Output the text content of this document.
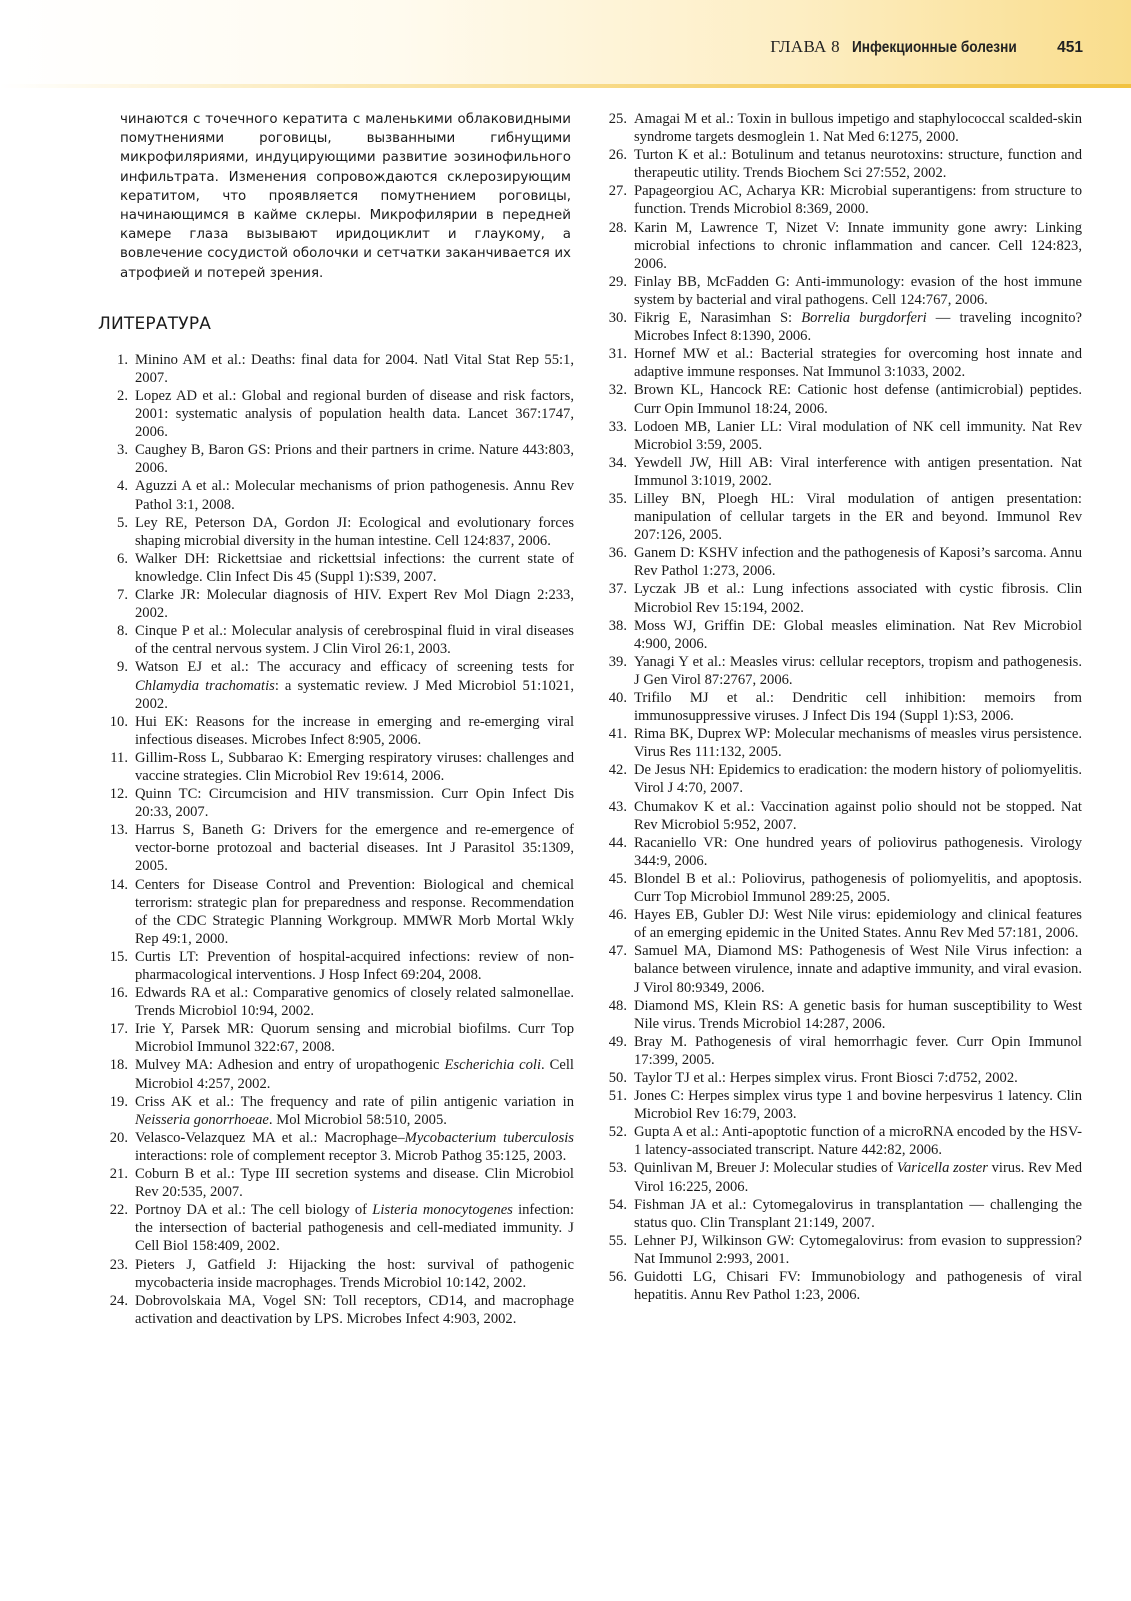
ГЛАВА 8 Инфекционные болезни	451

чинаются с точечного кератита с маленькими облаковидными помутнениями роговицы, вызванными гибнущими микрофиляриями, индуцирующими развитие эозинофильного инфильтрата. Изменения сопровождаются склерозирующим кератитом, что проявляется помутнением роговицы, начинающимся в кайме склеры. Микрофилярии в передней камере глаза вызывают иридоциклит и глаукому, а вовлечение сосудистой оболочки и сетчатки заканчивается их атрофией и потерей зрения.

ЛИТЕРАТУРА
1. Minino AM et al.: Deaths: final data for 2004. Natl Vital Stat Rep 55:1, 2007.
2. Lopez AD et al.: Global and regional burden of disease and risk factors, 2001: systematic analysis of population health data. Lancet 367:1747, 2006.
3. Caughey B, Baron GS: Prions and their partners in crime. Nature 443:803, 2006.
4. Aguzzi A et al.: Molecular mechanisms of prion pathogenesis. Annu Rev Pathol 3:1, 2008.
5. Ley RE, Peterson DA, Gordon JI: Ecological and evolutionary forces shaping microbial diversity in the human intestine. Cell 124:837, 2006.
6. Walker DH: Rickettsiae and rickettsial infections: the current state of knowledge. Clin Infect Dis 45 (Suppl 1):S39, 2007.
7. Clarke JR: Molecular diagnosis of HIV. Expert Rev Mol Diagn 2:233, 2002.
8. Cinque P et al.: Molecular analysis of cerebrospinal fluid in viral diseases of the central nervous system. J Clin Virol 26:1, 2003.
9. Watson EJ et al.: The accuracy and efficacy of screening tests for Chlamydia trachomatis: a systematic review. J Med Microbiol 51:1021, 2002.
10. Hui EK: Reasons for the increase in emerging and re-emerging viral infectious diseases. Microbes Infect 8:905, 2006.
11. Gillim-Ross L, Subbarao K: Emerging respiratory viruses: challenges and vaccine strategies. Clin Microbiol Rev 19:614, 2006.
12. Quinn TC: Circumcision and HIV transmission. Curr Opin Infect Dis 20:33, 2007.
13. Harrus S, Baneth G: Drivers for the emergence and re-emergence of vector-borne protozoal and bacterial diseases. Int J Parasitol 35:1309, 2005.
14. Centers for Disease Control and Prevention: Biological and chemical terrorism: strategic plan for preparedness and response. Recommendation of the CDC Strategic Planning Workgroup. MMWR Morb Mortal Wkly Rep 49:1, 2000.
15. Curtis LT: Prevention of hospital-acquired infections: review of non-pharmacological interventions. J Hosp Infect 69:204, 2008.
16. Edwards RA et al.: Comparative genomics of closely related salmonellae. Trends Microbiol 10:94, 2002.
17. Irie Y, Parsek MR: Quorum sensing and microbial biofilms. Curr Top Microbiol Immunol 322:67, 2008.
18. Mulvey MA: Adhesion and entry of uropathogenic Escherichia coli. Cell Microbiol 4:257, 2002.
19. Criss AK et al.: The frequency and rate of pilin antigenic variation in Neisseria gonorrhoeae. Mol Microbiol 58:510, 2005.
20. Velasco-Velazquez MA et al.: Macrophage–Mycobacterium tuberculosis interactions: role of complement receptor 3. Microb Pathog 35:125, 2003.
21. Coburn B et al.: Type III secretion systems and disease. Clin Microbiol Rev 20:535, 2007.
22. Portnoy DA et al.: The cell biology of Listeria monocytogenes infection: the intersection of bacterial pathogenesis and cell-mediated immunity. J Cell Biol 158:409, 2002.
23. Pieters J, Gatfield J: Hijacking the host: survival of pathogenic mycobacteria inside macrophages. Trends Microbiol 10:142, 2002.
24. Dobrovolskaia MA, Vogel SN: Toll receptors, CD14, and macrophage activation and deactivation by LPS. Microbes Infect 4:903, 2002.
25. Amagai M et al.: Toxin in bullous impetigo and staphylococcal scalded-skin syndrome targets desmoglein 1. Nat Med 6:1275, 2000.
26. Turton K et al.: Botulinum and tetanus neurotoxins: structure, function and therapeutic utility. Trends Biochem Sci 27:552, 2002.
27. Papageorgiou AC, Acharya KR: Microbial superantigens: from structure to function. Trends Microbiol 8:369, 2000.
28. Karin M, Lawrence T, Nizet V: Innate immunity gone awry: Linking microbial infections to chronic inflammation and cancer. Cell 124:823, 2006.
29. Finlay BB, McFadden G: Anti-immunology: evasion of the host immune system by bacterial and viral pathogens. Cell 124:767, 2006.
30. Fikrig E, Narasimhan S: Borrelia burgdorferi — traveling incognito? Microbes Infect 8:1390, 2006.
31. Hornef MW et al.: Bacterial strategies for overcoming host innate and adaptive immune responses. Nat Immunol 3:1033, 2002.
32. Brown KL, Hancock RE: Cationic host defense (antimicrobial) peptides. Curr Opin Immunol 18:24, 2006.
33. Lodoen MB, Lanier LL: Viral modulation of NK cell immunity. Nat Rev Microbiol 3:59, 2005.
34. Yewdell JW, Hill AB: Viral interference with antigen presentation. Nat Immunol 3:1019, 2002.
35. Lilley BN, Ploegh HL: Viral modulation of antigen presentation: manipulation of cellular targets in the ER and beyond. Immunol Rev 207:126, 2005.
36. Ganem D: KSHV infection and the pathogenesis of Kaposi’s sarcoma. Annu Rev Pathol 1:273, 2006.
37. Lyczak JB et al.: Lung infections associated with cystic fibrosis. Clin Microbiol Rev 15:194, 2002.
38. Moss WJ, Griffin DE: Global measles elimination. Nat Rev Microbiol 4:900, 2006.
39. Yanagi Y et al.: Measles virus: cellular receptors, tropism and pathogenesis. J Gen Virol 87:2767, 2006.
40. Trifilo MJ et al.: Dendritic cell inhibition: memoirs from immunosuppressive viruses. J Infect Dis 194 (Suppl 1):S3, 2006.
41. Rima BK, Duprex WP: Molecular mechanisms of measles virus persistence. Virus Res 111:132, 2005.
42. De Jesus NH: Epidemics to eradication: the modern history of poliomyelitis. Virol J 4:70, 2007.
43. Chumakov K et al.: Vaccination against polio should not be stopped. Nat Rev Microbiol 5:952, 2007.
44. Racaniello VR: One hundred years of poliovirus pathogenesis. Virology 344:9, 2006.
45. Blondel B et al.: Poliovirus, pathogenesis of poliomyelitis, and apoptosis. Curr Top Microbiol Immunol 289:25, 2005.
46. Hayes EB, Gubler DJ: West Nile virus: epidemiology and clinical features of an emerging epidemic in the United States. Annu Rev Med 57:181, 2006.
47. Samuel MA, Diamond MS: Pathogenesis of West Nile Virus infection: a balance between virulence, innate and adaptive immunity, and viral evasion. J Virol 80:9349, 2006.
48. Diamond MS, Klein RS: A genetic basis for human susceptibility to West Nile virus. Trends Microbiol 14:287, 2006.
49. Bray M. Pathogenesis of viral hemorrhagic fever. Curr Opin Immunol 17:399, 2005.
50. Taylor TJ et al.: Herpes simplex virus. Front Biosci 7:d752, 2002.
51. Jones C: Herpes simplex virus type 1 and bovine herpesvirus 1 latency. Clin Microbiol Rev 16:79, 2003.
52. Gupta A et al.: Anti-apoptotic function of a microRNA encoded by the HSV-1 latency-associated transcript. Nature 442:82, 2006.
53. Quinlivan M, Breuer J: Molecular studies of Varicella zoster virus. Rev Med Virol 16:225, 2006.
54. Fishman JA et al.: Cytomegalovirus in transplantation — challenging the status quo. Clin Transplant 21:149, 2007.
55. Lehner PJ, Wilkinson GW: Cytomegalovirus: from evasion to suppression? Nat Immunol 2:993, 2001.
56. Guidotti LG, Chisari FV: Immunobiology and pathogenesis of viral hepatitis. Annu Rev Pathol 1:23, 2006.
